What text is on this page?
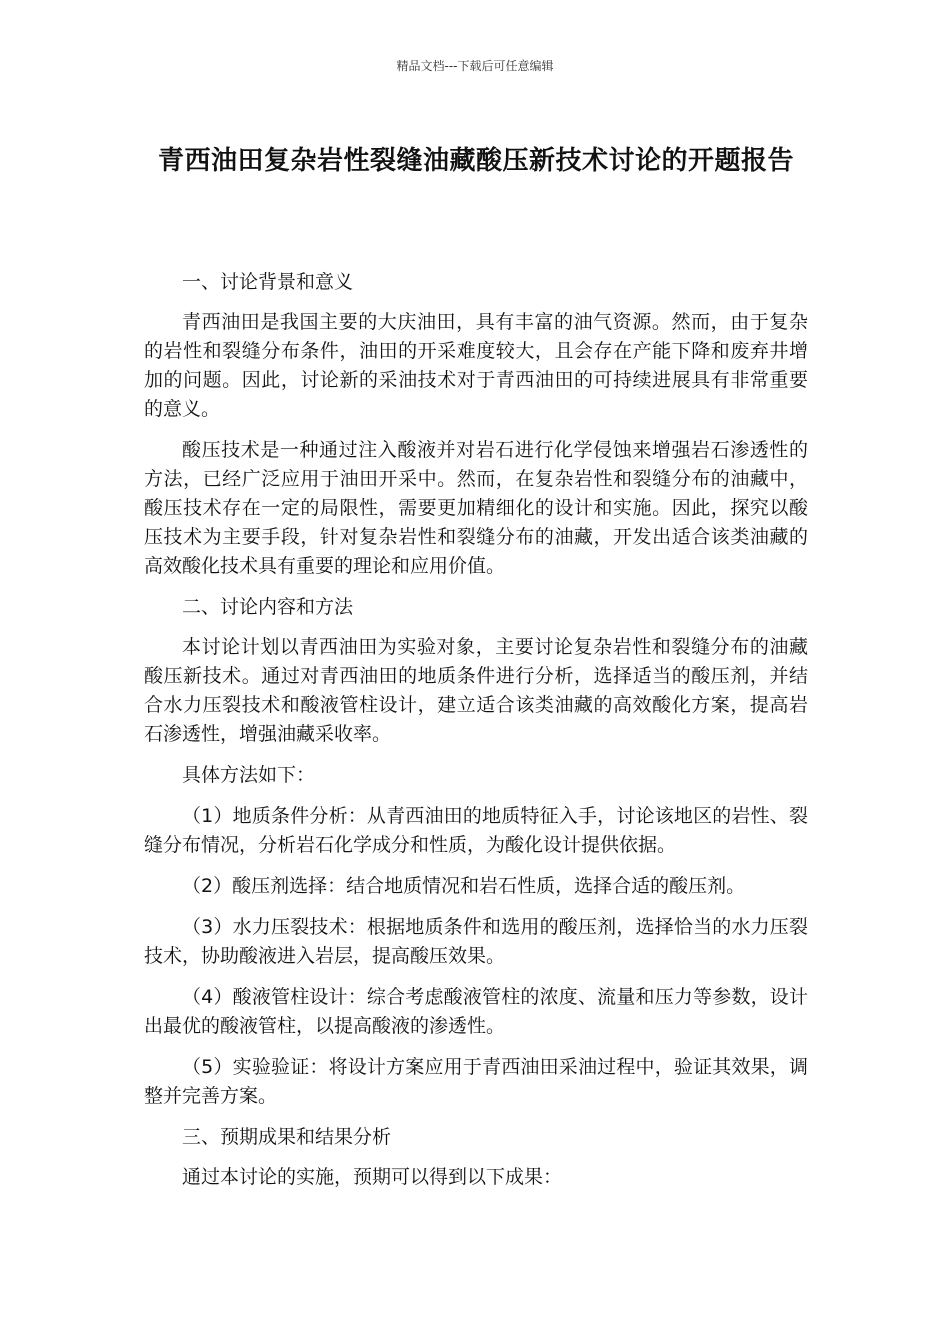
精品文档---下载后可任意编辑
青西油田复杂岩性裂缝油藏酸压新技术讨论的开题报告

一、讨论背景和意义

青西油田是我国主要的大庆油田，具有丰富的油气资源。然而，由于复杂的岩性和裂缝分布条件，油田的开采难度较大，且会存在产能下降和废弃井增加的问题。因此，讨论新的采油技术对于青西油田的可持续进展具有非常重要的意义。

酸压技术是一种通过注入酸液并对岩石进行化学侵蚀来增强岩石渗透性的方法，已经广泛应用于油田开采中。然而，在复杂岩性和裂缝分布的油藏中，酸压技术存在一定的局限性，需要更加精细化的设计和实施。因此，探究以酸压技术为主要手段，针对复杂岩性和裂缝分布的油藏，开发出适合该类油藏的高效酸化技术具有重要的理论和应用价值。

二、讨论内容和方法

本讨论计划以青西油田为实验对象，主要讨论复杂岩性和裂缝分布的油藏酸压新技术。通过对青西油田的地质条件进行分析，选择适当的酸压剂，并结合水力压裂技术和酸液管柱设计，建立适合该类油藏的高效酸化方案，提高岩石渗透性，增强油藏采收率。

具体方法如下：

（1）地质条件分析：从青西油田的地质特征入手，讨论该地区的岩性、裂缝分布情况，分析岩石化学成分和性质，为酸化设计提供依据。

（2）酸压剂选择：结合地质情况和岩石性质，选择合适的酸压剂。

（3）水力压裂技术：根据地质条件和选用的酸压剂，选择恰当的水力压裂技术，协助酸液进入岩层，提高酸压效果。

（4）酸液管柱设计：综合考虑酸液管柱的浓度、流量和压力等参数，设计出最优的酸液管柱，以提高酸液的渗透性。

（5）实验验证：将设计方案应用于青西油田采油过程中，验证其效果，调整并完善方案。

三、预期成果和结果分析

通过本讨论的实施，预期可以得到以下成果：
